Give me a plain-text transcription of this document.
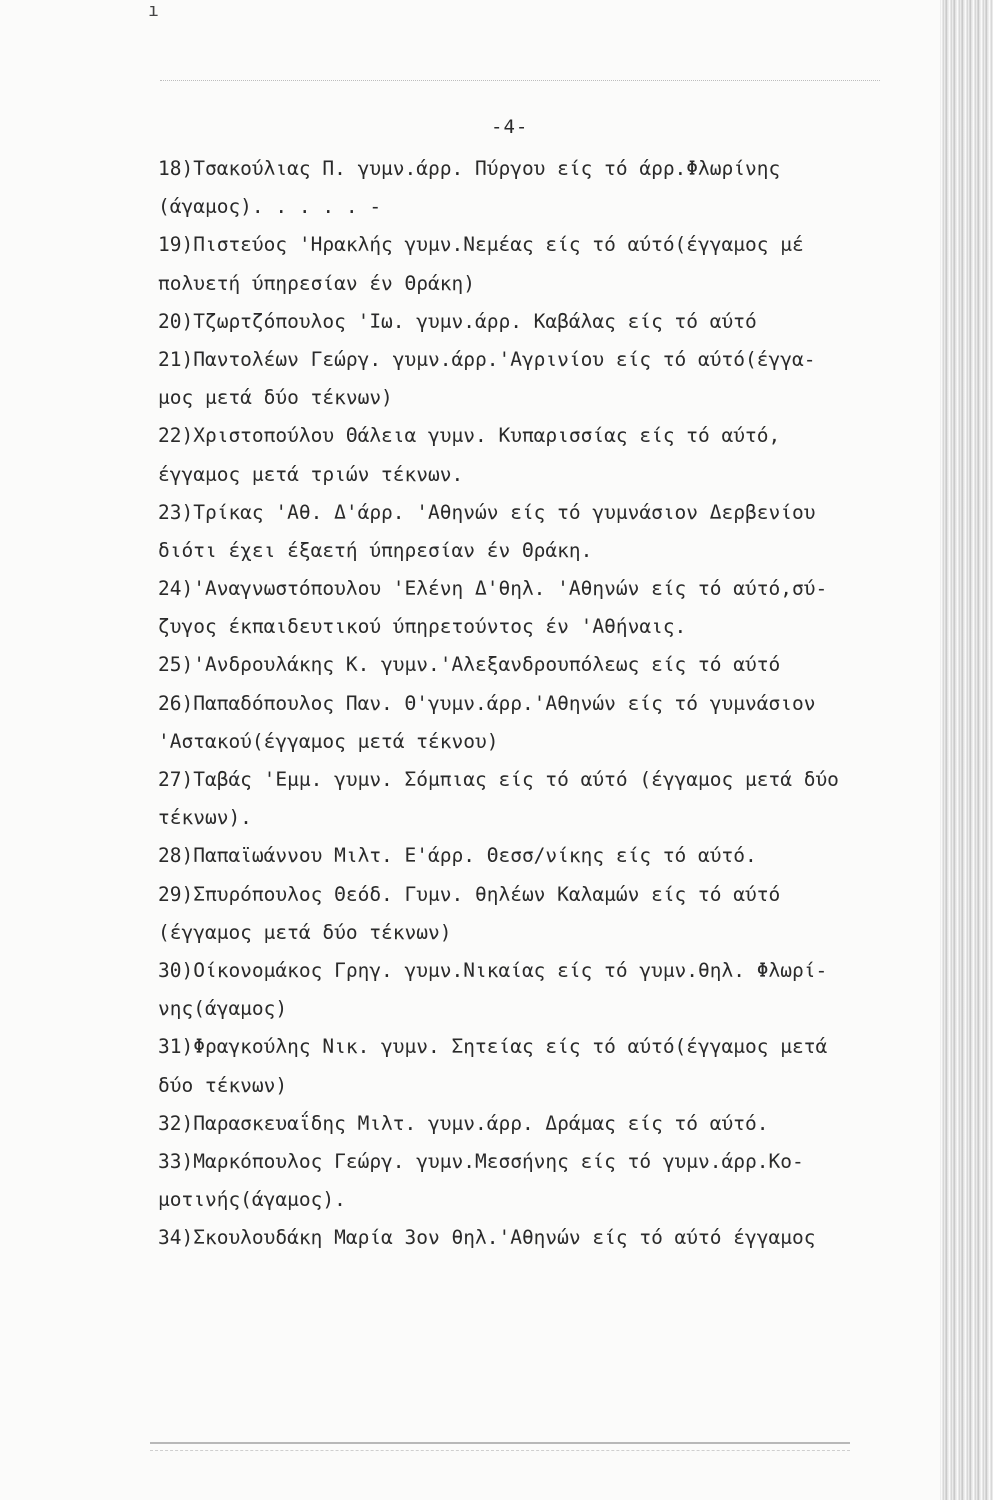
ı
-4-
18)Τσακούλιας Π. γυμν.άρρ. Πύργου είς τό άρρ.Φλωρίνης
(άγαμος). . . . . -
19)Πιστεύος 'Ηρακλής γυμν.Νεμέας είς τό αύτό(έγγαμος μέ
πολυετή ύπηρεσίαν έν Θράκη)
20)Τζωρτζόπουλος 'Ιω. γυμν.άρρ. Καβάλας είς τό αύτό
21)Παντολέων Γεώργ. γυμν.άρρ.'Αγρινίου είς τό αύτό(έγγα-
μος μετά δύο τέκνων)
22)Χριστοπούλου Θάλεια γυμν. Κυπαρισσίας είς τό αύτό,
έγγαμος μετά τριών τέκνων.
23)Τρίκας 'Αθ. Δ'άρρ. 'Αθηνών είς τό γυμνάσιον Δερβενίου
διότι έχει έξαετή ύπηρεσίαν έν Θράκη.
24)'Αναγνωστόπουλου 'Ελένη Δ'θηλ. 'Αθηνών είς τό αύτό,σύ-
ζυγος έκπαιδευτικού ύπηρετούντος έν 'Αθήναις.
25)'Ανδρουλάκης Κ. γυμν.'Αλεξανδρουπόλεως είς τό αύτό
26)Παπαδόπουλος Παν. Θ'γυμν.άρρ.'Αθηνών είς τό γυμνάσιον
'Αστακού(έγγαμος μετά τέκνου)
27)Ταβάς 'Εμμ. γυμν. Σόμπιας είς τό αύτό (έγγαμος μετά δύο
τέκνων).
28)Παπαϊωάννου Μιλτ. Ε'άρρ. Θεσσ/νίκης είς τό αύτό.
29)Σπυρόπουλος Θεόδ. Γυμν. θηλέων Καλαμών είς τό αύτό
(έγγαμος μετά δύο τέκνων)
30)Οίκονομάκος Γρηγ. γυμν.Νικαίας είς τό γυμν.θηλ. Φλωρί-
νης(άγαμος)
31)Φραγκούλης Νικ. γυμν. Σητείας είς τό αύτό(έγγαμος μετά
δύο τέκνων)
32)Παρασκευαΐδης Μιλτ. γυμν.άρρ. Δράμας είς τό αύτό.
33)Μαρκόπουλος Γεώργ. γυμν.Μεσσήνης είς τό γυμν.άρρ.Κο-
μοτινής(άγαμος).
34)Σκουλουδάκη Μαρία 3ον θηλ.'Αθηνών είς τό αύτό έγγαμος
